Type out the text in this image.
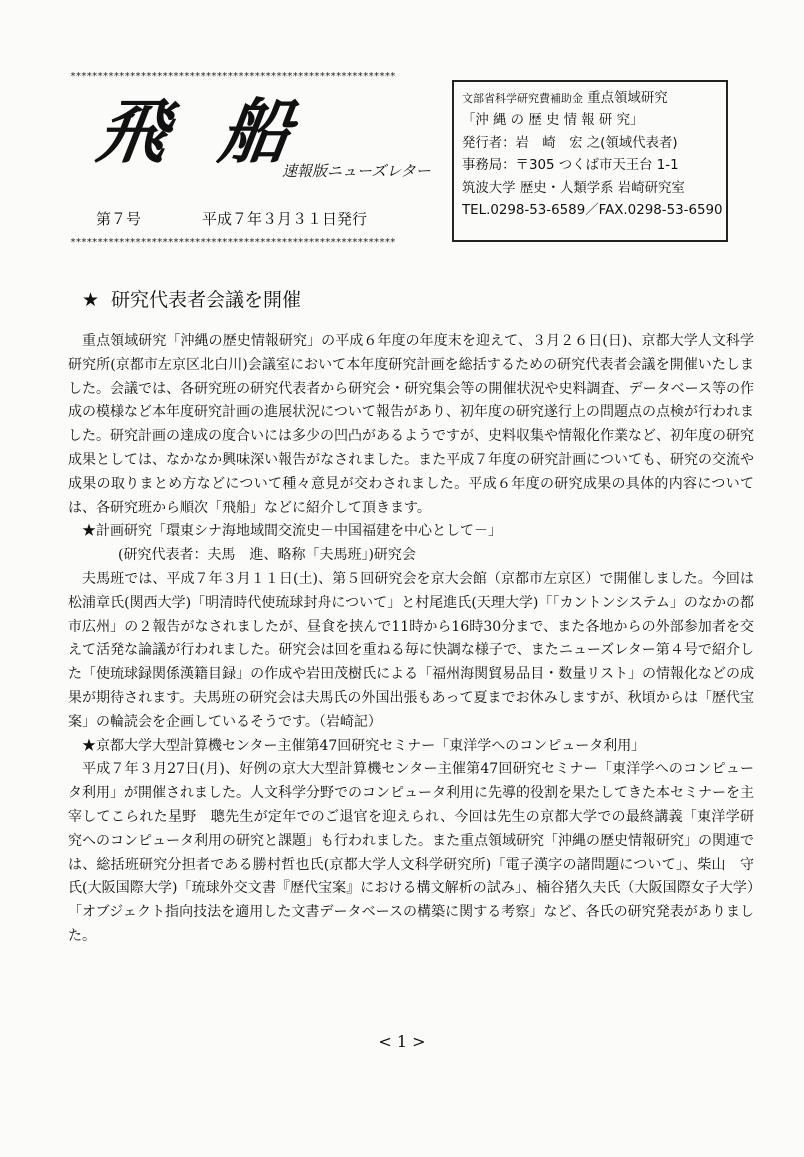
************************************************************
飛 船
速報版ニューズレター
第７号	平成７年３月３１日発行
************************************************************
文部省科学研究費補助金 重点領域研究
「沖 縄 の 歴 史 情 報 研 究」
発行者：岩　崎　宏 之(領域代表者)
事務局：〒305 つくば市天王台 1-1
筑波大学 歴史・人類学系 岩崎研究室
TEL.0298-53-6589／FAX.0298-53-6590
★ 研究代表者会議を開催

重点領域研究「沖縄の歴史情報研究」の平成６年度の年度末を迎えて、３月２６日(日)、京都大学人文科学研究所(京都市左京区北白川)会議室において本年度研究計画を総括するための研究代表者会議を開催いたしました。会議では、各研究班の研究代表者から研究会・研究集会等の開催状況や史料調査、データベース等の作成の模様など本年度研究計画の進展状況について報告があり、初年度の研究遂行上の問題点の点検が行われました。研究計画の達成の度合いには多少の凹凸があるようですが、史料収集や情報化作業など、初年度の研究成果としては、なかなか興味深い報告がなされました。また平成７年度の研究計画についても、研究の交流や成果の取りまとめ方などについて種々意見が交わされました。平成６年度の研究成果の具体的内容については、各研究班から順次「飛船」などに紹介して頂きます。

★計画研究「環東シナ海地域間交流史－中国福建を中心として－」

(研究代表者：夫馬　進、略称「夫馬班」)研究会

夫馬班では、平成７年３月１１日(土)、第５回研究会を京大会館（京都市左京区）で開催しました。今回は松浦章氏(関西大学)「明清時代使琉球封舟について」と村尾進氏(天理大学)「「カントンシステム」のなかの都市広州」の２報告がなされましたが、昼食を挟んで11時から16時30分まで、また各地からの外部参加者を交えて活発な論議が行われました。研究会は回を重ねる毎に快調な様子で、またニューズレター第４号で紹介した「使琉球録関係漢籍目録」の作成や岩田茂樹氏による「福州海関貿易品目・数量リスト」の情報化などの成果が期待されます。夫馬班の研究会は夫馬氏の外国出張もあって夏までお休みしますが、秋頃からは「歴代宝案」の輪読会を企画しているそうです。（岩崎記）

★京都大学大型計算機センター主催第47回研究セミナー「東洋学へのコンピュータ利用」

平成７年３月27日(月)、好例の京大大型計算機センター主催第47回研究セミナー「東洋学へのコンピュータ利用」が開催されました。人文科学分野でのコンピュータ利用に先導的役割を果たしてきた本セミナーを主宰してこられた星野　聰先生が定年でのご退官を迎えられ、今回は先生の京都大学での最終講義「東洋学研究へのコンピュータ利用の研究と課題」も行われました。また重点領域研究「沖縄の歴史情報研究」の関連では、総括班研究分担者である勝村哲也氏(京都大学人文科学研究所)「電子漢字の諸問題について」、柴山　守氏(大阪国際大学)「琉球外交文書『歴代宝案』における構文解析の試み」、楠谷猪久夫氏（大阪国際女子大学）「オブジェクト指向技法を適用した文書データベースの構築に関する考察」など、各氏の研究発表がありました。

< 1 >
